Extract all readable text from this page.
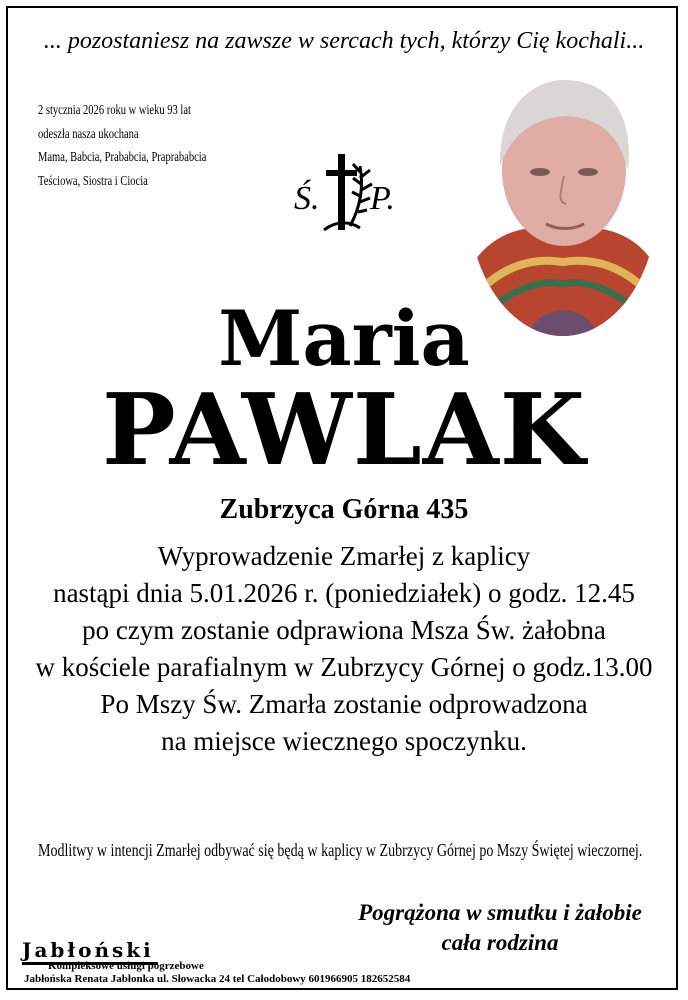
... pozostaniesz na zawsze w sercach tych, którzy Cię kochali...
2 stycznia 2026 roku w wieku 93 lat
odeszła nasza ukochana
Mama, Babcia, Prababcia, Praprababcia
Teściowa, Siostra i Ciocia	Ś. P.
Maria
PAWLAK
Zubrzyca Górna 435
Wyprowadzenie Zmarłej z kaplicy
nastąpi dnia 5.01.2026 r. (poniedziałek) o godz. 12.45
po czym zostanie odprawiona Msza Św. żałobna
w kościele parafialnym w Zubrzycy Górnej o godz.13.00
Po Mszy Św. Zmarła zostanie odprowadzona
na miejsce wiecznego spoczynku.
Modlitwy w intencji Zmarłej odbywać się będą w kaplicy w Zubrzycy Górnej po Mszy Świętej wieczornej.
Pogrążona w smutku i żałobie
cała rodzina
Jabłoński
Kompleksowe usługi pogrzebowe
Jabłońska Renata Jabłonka ul. Słowacka 24 tel Całodobowy 601966905 182652584
